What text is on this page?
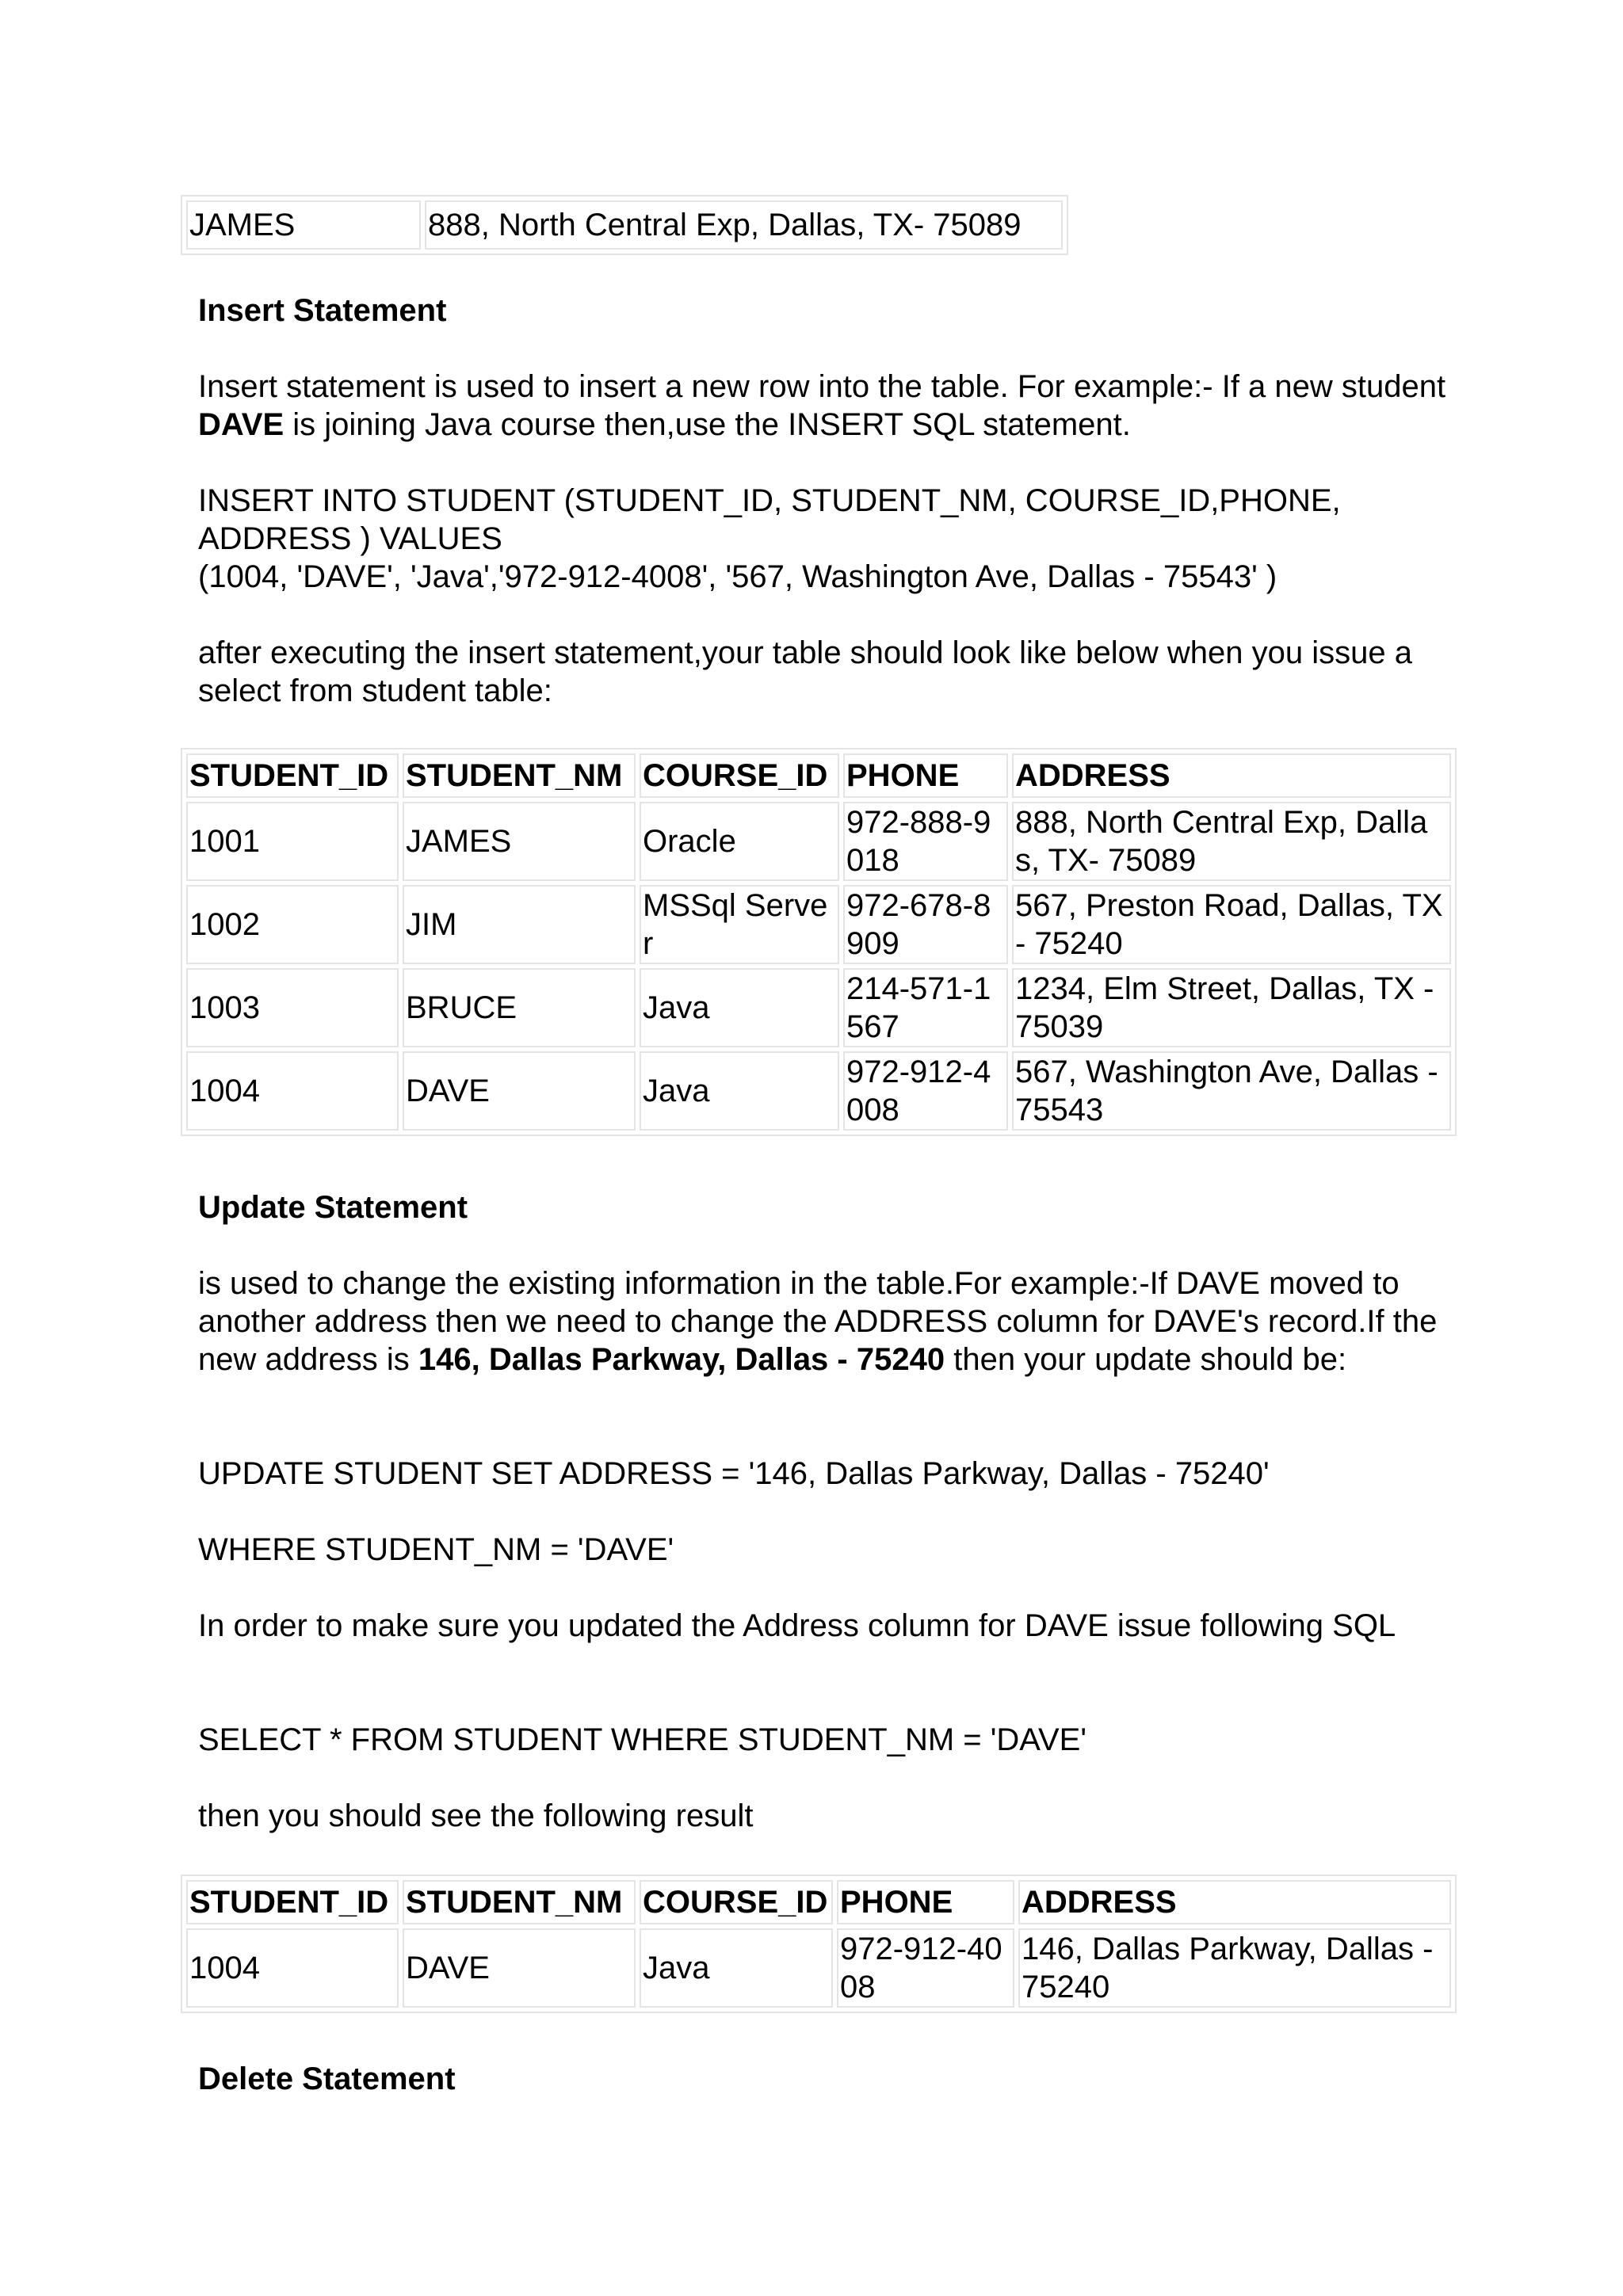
JAMES	888, North Central Exp, Dallas, TX- 75089

Insert Statement

Insert statement is used to insert a new row into the table. For example:- If a new student DAVE is joining Java course then,use the INSERT SQL statement.

INSERT INTO STUDENT (STUDENT_ID, STUDENT_NM, COURSE_ID,PHONE, ADDRESS ) VALUES
(1004, 'DAVE', 'Java','972-912-4008', '567, Washington Ave, Dallas - 75543' )

after executing the insert statement,your table should look like below when you issue a select from student table:

STUDENT_ID	STUDENT_NM	COURSE_ID	PHONE	ADDRESS
1001	JAMES	Oracle	972-888-9018	888, North Central Exp, Dallas, TX- 75089
1002	JIM	MSSql Server	972-678-8909	567, Preston Road, Dallas, TX - 75240
1003	BRUCE	Java	214-571-1567	1234, Elm Street, Dallas, TX - 75039
1004	DAVE	Java	972-912-4008	567, Washington Ave, Dallas - 75543

Update Statement

is used to change the existing information in the table.For example:-If DAVE moved to another address then we need to change the ADDRESS column for DAVE's record.If the new address is 146, Dallas Parkway, Dallas - 75240 then your update should be:

UPDATE STUDENT SET ADDRESS = '146, Dallas Parkway, Dallas - 75240'

WHERE STUDENT_NM = 'DAVE'

In order to make sure you updated the Address column for DAVE issue following SQL

SELECT * FROM STUDENT WHERE STUDENT_NM = 'DAVE'

then you should see the following result

STUDENT_ID	STUDENT_NM	COURSE_ID	PHONE	ADDRESS
1004	DAVE	Java	972-912-4008	146, Dallas Parkway, Dallas - 75240

Delete Statement
